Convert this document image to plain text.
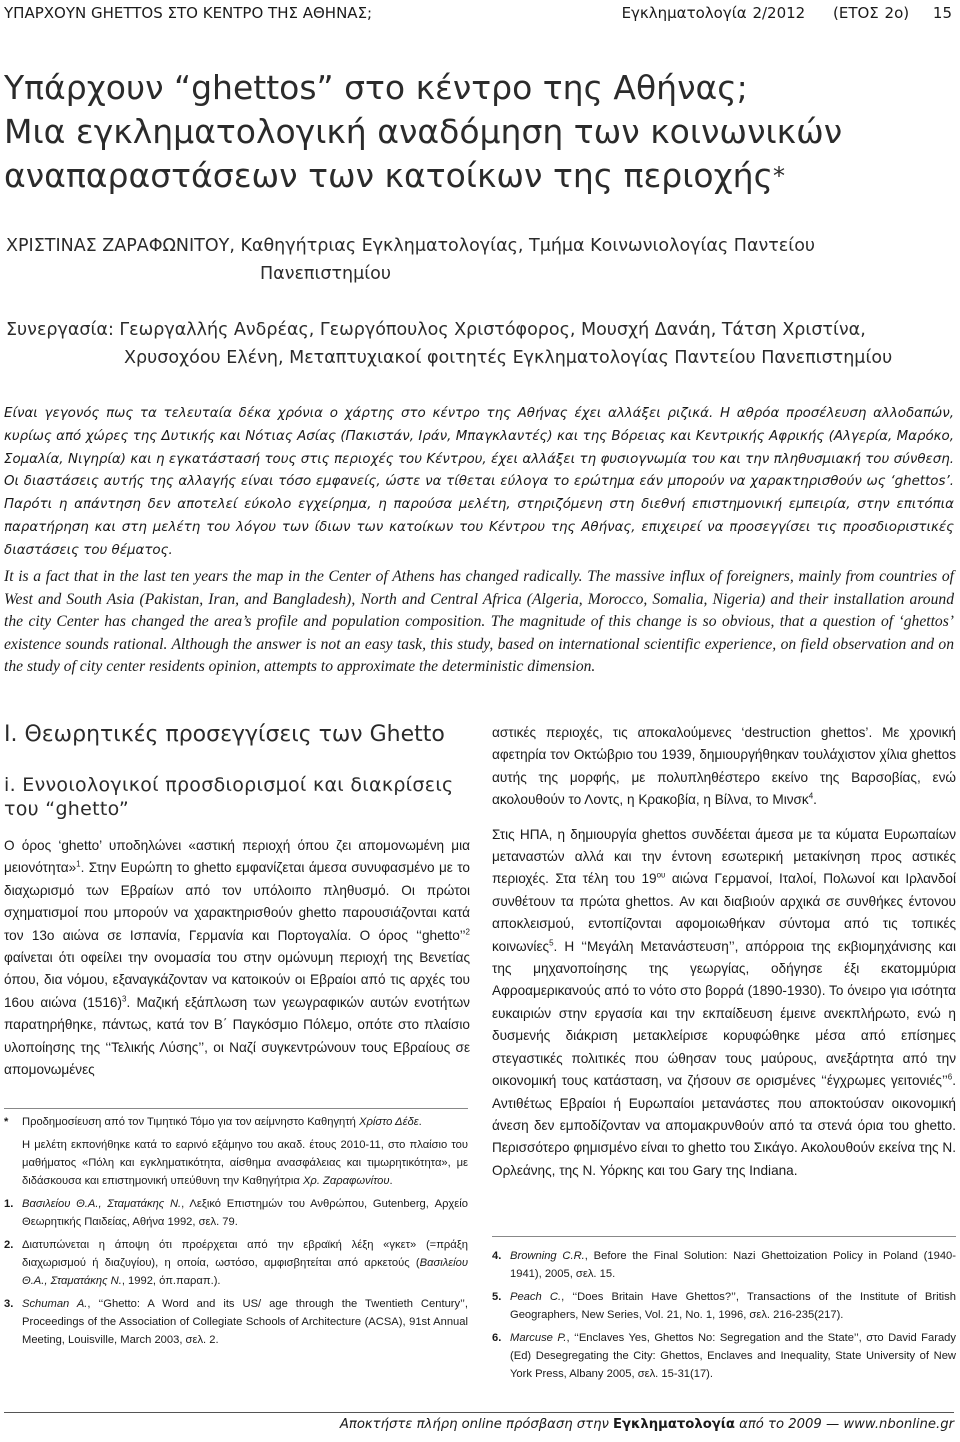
ΥΠΑΡΧΟΥΝ GHETTOS ΣΤΟ ΚΕΝΤΡΟ ΤΗΣ ΑΘΗΝΑΣ;	Εγκληματολογία 2/2012 (ΕΤΟΣ 2ο) 15
Υπάρχουν “ghettos” στο κέντρο της Αθήνας;
Μια εγκληματολογική αναδόμηση των κοινωνικών
αναπαραστάσεων των κατοίκων της περιοχής*
ΧΡΙΣΤΙΝΑΣ ΖΑΡΑΦΩΝΙΤΟΥ, Καθηγήτριας Εγκληματολογίας, Τμήμα Κοινωνιολογίας Παντείου
Πανεπιστημίου
Συνεργασία: Γεωργαλλής Ανδρέας, Γεωργόπουλος Χριστόφορος, Μουσχή Δανάη, Τάτση Χριστίνα,
Χρυσοχόου Ελένη, Μεταπτυχιακοί φοιτητές Εγκληματολογίας Παντείου Πανεπιστημίου

Είναι γεγονός πως τα τελευταία δέκα χρόνια ο χάρτης στο κέντρο της Αθήνας έχει αλλάξει ριζικά. Η αθρόα προσέλευση αλλοδαπών, κυρίως από χώρες της Δυτικής και Νότιας Ασίας (Πακιστάν, Ιράν, Μπαγκλαντές) και της Βόρειας και Κεντρικής Αφρικής (Αλγερία, Μαρόκο, Σομαλία, Νιγηρία) και η εγκατάστασή τους στις περιοχές του Κέντρου, έχει αλλάξει τη φυσιογνωμία του και την πληθυσμιακή του σύνθεση. Οι διαστάσεις αυτής της αλλαγής είναι τόσο εμφανείς, ώστε να τίθεται εύλογα το ερώτημα εάν μπορούν να χαρακτηρισθούν ως ‘ghettos’. Παρότι η απάντηση δεν αποτελεί εύκολο εγχείρημα, η παρούσα μελέτη, στηριζόμενη στη διεθνή επιστημονική εμπειρία, στην επιτόπια παρατήρηση και στη μελέτη του λόγου των ίδιων των κατοίκων του Κέντρου της Αθήνας, επιχειρεί να προσεγγίσει τις προσδιοριστικές διαστάσεις του θέματος.

It is a fact that in the last ten years the map in the Center of Athens has changed radically. The massive influx of foreigners, mainly from countries of West and South Asia (Pakistan, Iran, and Bangladesh), North and Central Africa (Algeria, Morocco, Somalia, Nigeria) and their installation around the city Center has changed the area’s profile and population composition. The magnitude of this change is so obvious, that a question of ‘ghettos’ existence sounds rational. Although the answer is not an easy task, this study, based on international scientific experience, on field observation and on the study of city center residents opinion, attempts to approximate the deterministic dimension.

I. Θεωρητικές προσεγγίσεις των Ghetto
i. Εννοιολογικοί προσδιορισμοί και διακρίσεις του “ghetto”

Ο όρος ‘ghetto’ υποδηλώνει «αστική περιοχή όπου ζει απομονωμένη μια μειονότητα»$^1$. Στην Ευρώπη το ghetto εμφανίζεται άμεσα συνυφασμένο με το διαχωρισμό των Εβραίων από τον υπόλοιπο πληθυσμό. Οι πρώτοι σχηματισμοί που μπορούν να χαρακτηρισθούν ghetto παρουσιάζονται κατά τον 13ο αιώνα σε Ισπανία, Γερμανία και Πορτογαλία. Ο όρος ‘‘ghetto’’$^2$ φαίνεται ότι οφείλει την ονομασία του στην ομώνυμη περιοχή της Βενετίας όπου, δια νόμου, εξαναγκάζονταν να κατοικούν οι Εβραίοι από τις αρχές του 16ου αιώνα $(1516)^3$. Μαζική εξάπλωση των γεωγραφικών αυτών ενοτήτων παρατηρήθηκε, πάντως, κατά τον Β΄ Παγκόσμιο Πόλεμο, οπότε στο πλαίσιο υλοποίησης της ‘‘Τελικής Λύσης’’, οι Ναζί συγκεντρώνουν τους Εβραίους σε απομονωμένες

αστικές περιοχές, τις αποκαλούμενες ‘destruction ghettos’. Με χρονική αφετηρία τον Οκτώβριο του 1939, δημιουργήθηκαν τουλάχιστον χίλια ghettos αυτής της μορφής, με πολυπληθέστερο εκείνο της Βαρσοβίας, ενώ ακολουθούν το Λοντς, η Κρακοβία, η Βίλνα, το Μινσκ$^4$.

Στις ΗΠΑ, η δημιουργία ghettos συνδέεται άμεσα με τα κύματα Ευρωπαίων μεταναστών αλλά και την έντονη εσωτερική μετακίνηση προς αστικές περιοχές. Στα τέλη του $19^{o\upsilon}$ αιώνα Γερμανοί, Ιταλοί, Πολωνοί και Ιρλανδοί συνθέτουν τα πρώτα ghettos. Αν και διαβιούν αρχικά σε συνθήκες έντονου αποκλεισμού, εντοπίζονται αφομοιωθήκαν σύντομα από τις τοπικές κοινωνίες$^5$. Η ‘‘Μεγάλη Μετανάστευση’’, απόρροια της εκβιομηχάνισης και της μηχανοποίησης της γεωργίας, οδήγησε έξι εκατομμύρια Αφροαμερικανούς από το νότο στο βορρά (1890-1930). Το όνειρο για ισότητα ευκαιριών στην εργασία και την εκπαίδευση έμεινε ανεκπλήρωτο, ενώ η δυσμενής διάκριση μετακλείρισε κορυφώθηκε μέσα από επίσημες στεγαστικές πολιτικές που ώθησαν τους μαύρους, ανεξάρτητα από την οικονομική τους κατάσταση, να ζήσουν σε ορισμένες ‘‘έγχρωμες γειτονιές’’$^6$. Αντιθέτως Εβραίοι ή Ευρωπαίοι μετανάστες που αποκτούσαν οικονομική άνεση δεν εμποδίζονταν να απομακρυνθούν από τα στενά όρια του ghetto. Περισσότερο φημισμένο είναι το ghetto του Σικάγο. Ακολουθούν εκείνα της Ν. Ορλεάνης, της Ν. Υόρκης και του Gary της Indiana.

*	Προδημοσίευση από τον Τιμητικό Τόμο για τον αείμνηστο Καθηγητή Χρίστο Δέδε.
Η μελέτη εκπονήθηκε κατά το εαρινό εξάμηνο του ακαδ. έτους 2010-11, στο πλαίσιο του μαθήματος «Πόλη και εγκληματικότητα, αίσθημα ανασφάλειας και τιμωρητικότητα», με διδάσκουσα και επιστημονική υπεύθυνη την Καθηγήτρια Χρ. Ζαραφωνίτου.
1. Βασιλείου Θ.Α., Σταματάκης Ν., Λεξικό Επιστημών του Ανθρώπου, Gutenberg, Αρχείο Θεωρητικής Παιδείας, Αθήνα 1992, σελ. 79.
2. Διατυπώνεται η άποψη ότι προέρχεται από την εβραϊκή λέξη «γκετ» (=πράξη διαχωρισμού ή διαζυγίου), η οποία, ωστόσο, αμφισβητείται από αρκετούς (Βασιλείου Θ.Α., Σταματάκης Ν., 1992, όπ.παραπ.).
3. Schuman A., ‘‘Ghetto: A Word and its US/ age through the Twentieth Century’’, Proceedings of the Association of Collegiate Schools of Architecture (ACSA), 91st Annual Meeting, Louisville, March 2003, σελ. 2.
4. Browning C.R., Before the Final Solution: Nazi Ghettoization Policy in Poland (1940- 1941), 2005, σελ. 15.
5. Peach C., ‘‘Does Britain Have Ghettos?’’, Transactions of the Institute of British Geographers, New Series, Vol. 21, No. 1, 1996, σελ. 216-235(217).
6. Marcuse P., ‘‘Enclaves Yes, Ghettos No: Segregation and the State’’, στο David Farady (Ed) Desegregating the City: Ghettos, Enclaves and Inequality, State University of New York Press, Albany 2005, σελ. 15-31(17).
Αποκτήστε πλήρη online πρόσβαση στην Εγκληματολογία από το 2009 — www.nbonline.gr
